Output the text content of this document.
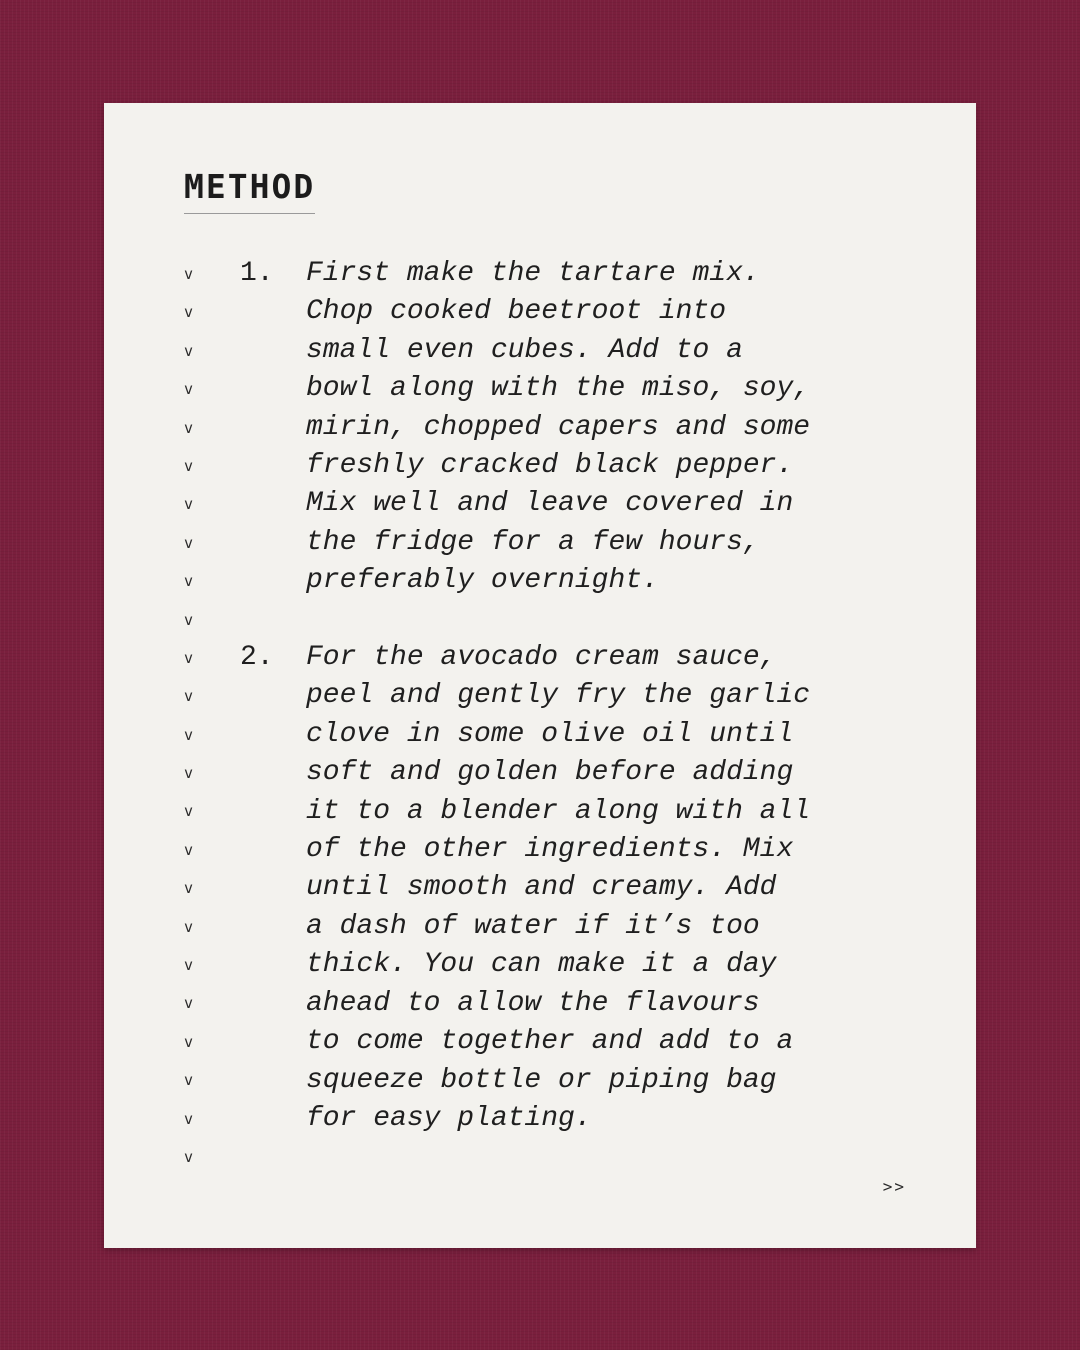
METHOD
v
v
v
v
v
v
v
v
v
v
v
v
v
v
v
v
v
v
v
v
v
v
v
v
1.	First make the tartare mix.
Chop cooked beetroot into
small even cubes. Add to a
bowl along with the miso, soy,
mirin, chopped capers and some
freshly cracked black pepper.
Mix well and leave covered in
the fridge for a few hours,
preferably overnight.

2.	For the avocado cream sauce,
peel and gently fry the garlic
clove in some olive oil until
soft and golden before adding
it to a blender along with all
of the other ingredients. Mix
until smooth and creamy. Add
a dash of water if it’s too
thick. You can make it a day
ahead to allow the flavours
to come together and add to a
squeeze bottle or piping bag
for easy plating.

>>
